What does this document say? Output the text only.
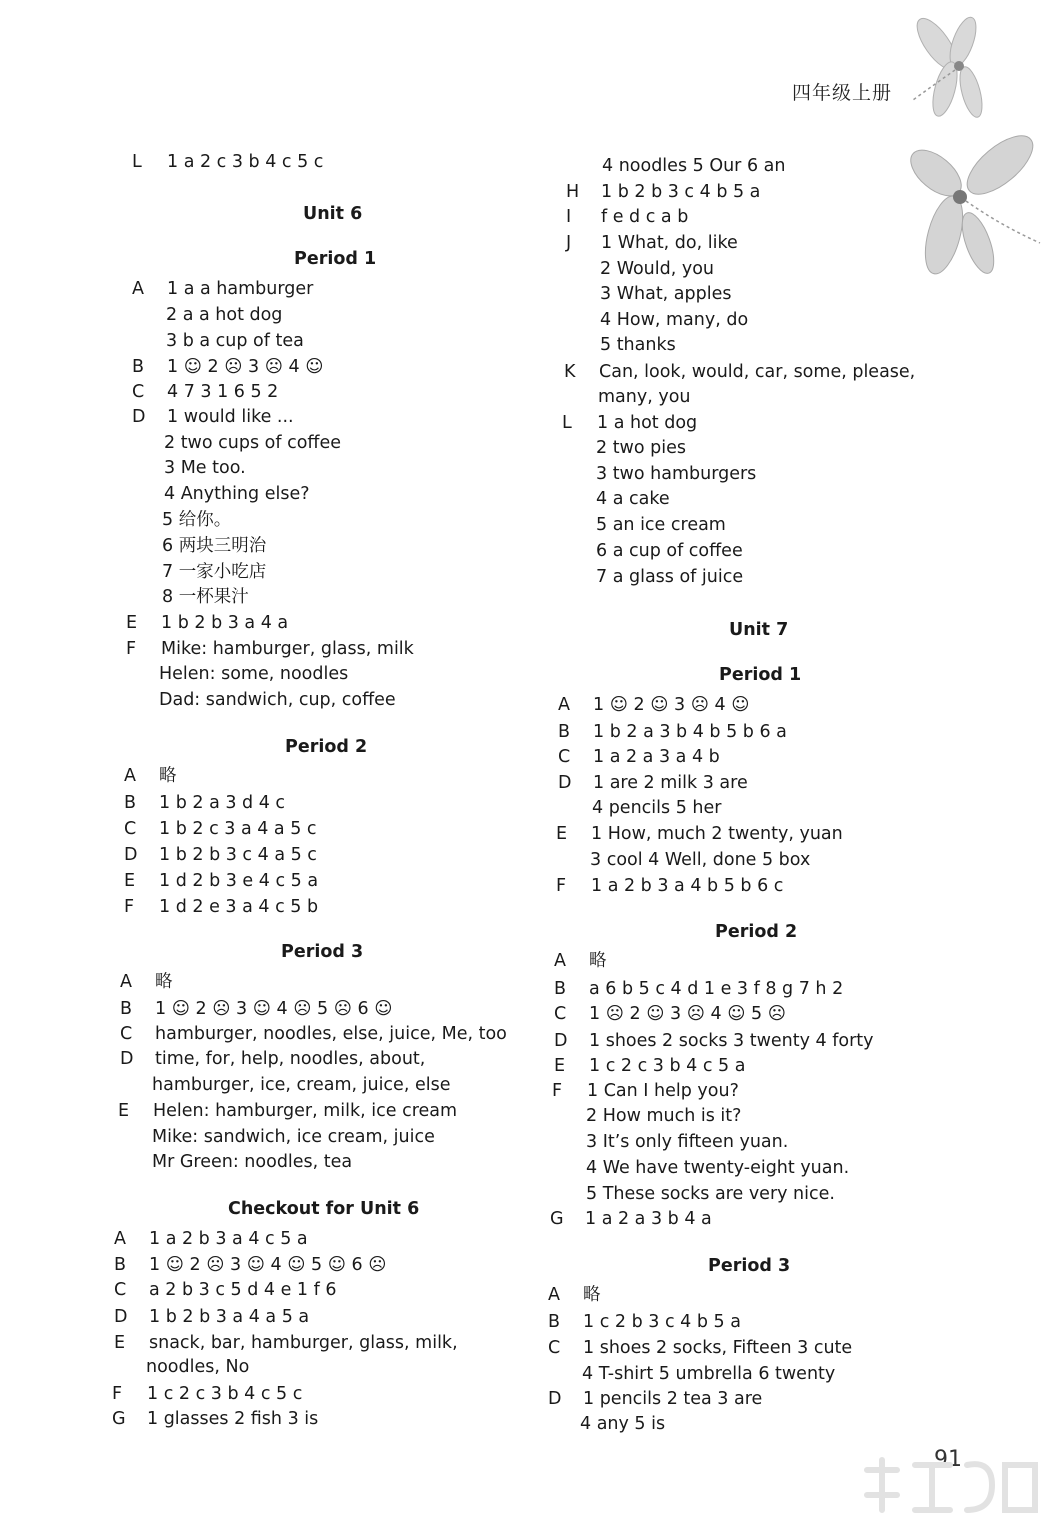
四年级上册
L 1 a 2 c 3 b 4 c 5 c
Unit 6
Period 1
A 1 a a hamburger
2 a a hot dog
3 b a cup of tea
B 1 ☺ 2 ☹ 3 ☹ 4 ☺
C 4 7 3 1 6 5 2
D 1 would like ...
2 two cups of coffee
3 Me too.
4 Anything else?
5 给你。
6 两块三明治
7 一家小吃店
8 一杯果汁
E 1 b 2 b 3 a 4 a
F Mike: hamburger, glass, milk
Helen: some, noodles
Dad: sandwich, cup, coffee
Period 2
A 略
B 1 b 2 a 3 d 4 c
C 1 b 2 c 3 a 4 a 5 c
D 1 b 2 b 3 c 4 a 5 c
E 1 d 2 b 3 e 4 c 5 a
F 1 d 2 e 3 a 4 c 5 b
Period 3
A 略
B 1 ☺ 2 ☹ 3 ☺ 4 ☹ 5 ☹ 6 ☺
C hamburger, noodles, else, juice, Me, too
D time, for, help, noodles, about,
hamburger, ice, cream, juice, else
E Helen: hamburger, milk, ice cream
Mike: sandwich, ice cream, juice
Mr Green: noodles, tea
Checkout for Unit 6
A 1 a 2 b 3 a 4 c 5 a
B 1 ☺ 2 ☹ 3 ☺ 4 ☺ 5 ☺ 6 ☹
C a 2 b 3 c 5 d 4 e 1 f 6
D 1 b 2 b 3 a 4 a 5 a
E snack, bar, hamburger, glass, milk,
noodles, No
F 1 c 2 c 3 b 4 c 5 c
G 1 glasses 2 fish 3 is
4 noodles 5 Our 6 an
H 1 b 2 b 3 c 4 b 5 a
I f e d c a b
J 1 What, do, like
2 Would, you
3 What, apples
4 How, many, do
5 thanks
K Can, look, would, car, some, please,
many, you
L 1 a hot dog
2 two pies
3 two hamburgers
4 a cake
5 an ice cream
6 a cup of coffee
7 a glass of juice
Unit 7
Period 1
A 1 ☺ 2 ☺ 3 ☹ 4 ☺
B 1 b 2 a 3 b 4 b 5 b 6 a
C 1 a 2 a 3 a 4 b
D 1 are 2 milk 3 are
4 pencils 5 her
E 1 How, much 2 twenty, yuan
3 cool 4 Well, done 5 box
F 1 a 2 b 3 a 4 b 5 b 6 c
Period 2
A 略
B a 6 b 5 c 4 d 1 e 3 f 8 g 7 h 2
C 1 ☹ 2 ☺ 3 ☹ 4 ☺ 5 ☹
D 1 shoes 2 socks 3 twenty 4 forty
E 1 c 2 c 3 b 4 c 5 a
F 1 Can I help you?
2 How much is it?
3 It’s only fifteen yuan.
4 We have twenty-eight yuan.
5 These socks are very nice.
G 1 a 2 a 3 b 4 a
Period 3
A 略
B 1 c 2 b 3 c 4 b 5 a
C 1 shoes 2 socks, Fifteen 3 cute
4 T-shirt 5 umbrella 6 twenty
D 1 pencils 2 tea 3 are
4 any 5 is
91
